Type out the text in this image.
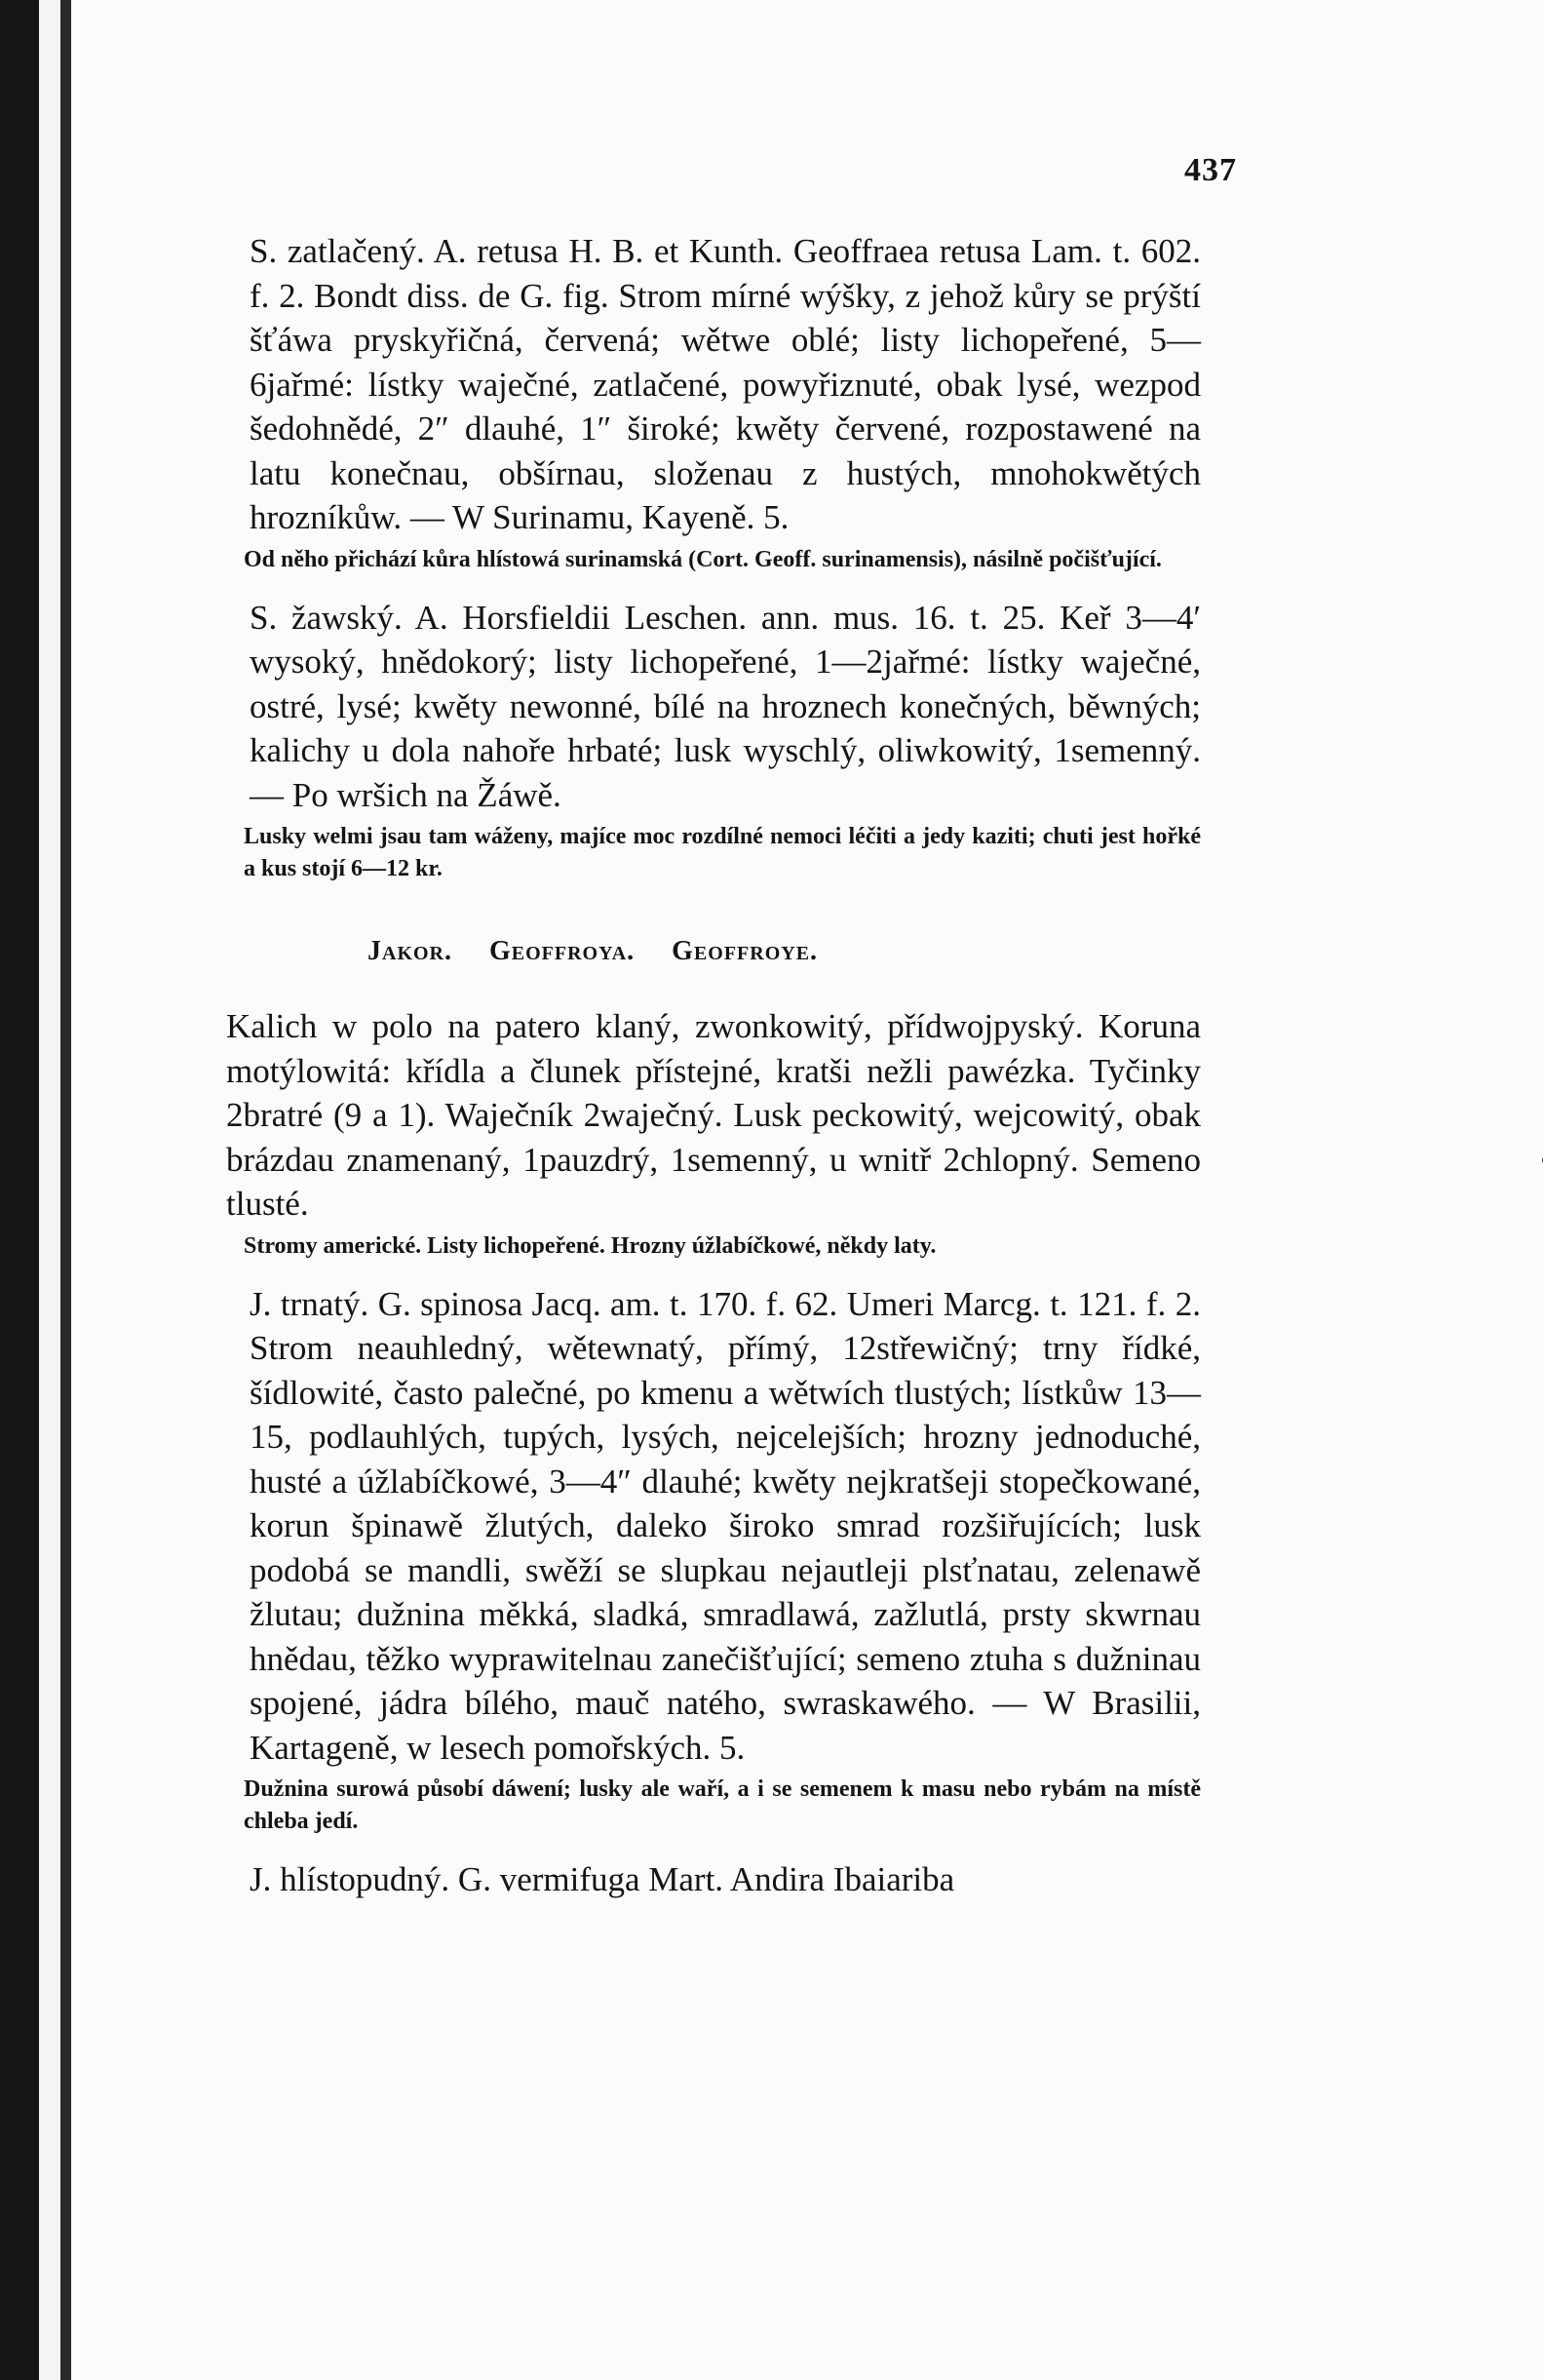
437

S. zatlačený. A. retusa H. B. et Kunth. Geoffraea retusa Lam. t. 602. f. 2. Bondt diss. de G. fig. Strom mírné wýšky, z jehož kůry se prýští šťáwa pryskyřičná, červená; wětwe oblé; listy lichopeřené, 5—6jařmé: lístky waječné, zatlačené, powyřiznuté, obak lysé, wezpod šedohnědé, 2″ dlauhé, 1″ široké; kwěty červené, rozpostawené na latu konečnau, obšírnau, složenau z hustých, mnohokwětých hrozníkůw. — W Surinamu, Kayeně. 5.

Od něho přichází kůra hlístowá surinamská (Cort. Geoff. surinamensis), násilně počišťující.

S. žawský. A. Horsfieldii Leschen. ann. mus. 16. t. 25. Keř 3—4′ wysoký, hnědokorý; listy lichopeřené, 1—2jařmé: lístky waječné, ostré, lysé; kwěty newonné, bílé na hroznech konečných, běwných; kalichy u dola nahoře hrbaté; lusk wyschlý, oliwkowitý, 1semenný. — Po wršich na Žáwě.

Lusky welmi jsau tam wáženy, majíce moc rozdílné nemoci léčiti a jedy kaziti; chuti jest hořké a kus stojí 6—12 kr.

Jakor. Geoffroya. Geoffroye.

Kalich w polo na patero klaný, zwonkowitý, přídwojpyský. Koruna motýlowitá: křídla a člunek přístejné, kratši nežli pawézka. Tyčinky 2bratré (9 a 1). Waječník 2waječný. Lusk peckowitý, wejcowitý, obak brázdau znamenaný, 1pauzdrý, 1semenný, u wnitř 2chlopný. Semeno tlusté.

Stromy americké. Listy lichopeřené. Hrozny úžlabíčkowé, někdy laty.

J. trnatý. G. spinosa Jacq. am. t. 170. f. 62. Umeri Marcg. t. 121. f. 2. Strom neauhledný, wětewnatý, přímý, 12střewičný; trny řídké, šídlowité, často palečné, po kmenu a wětwích tlustých; lístkůw 13—15, podlauhlých, tupých, lysých, nejcelejších; hrozny jednoduché, husté a úžlabíčkowé, 3—4″ dlauhé; kwěty nejkratšeji stopečkowané, korun špinawě žlutých, daleko široko smrad rozšiřujících; lusk podobá se mandli, swěží se slupkau nejautleji plsťnatau, zelenawě žlutau; dužnina měkká, sladká, smradlawá, zažlutlá, prsty skwrnau hnědau, těžko wyprawitelnau zanečišťující; semeno ztuha s dužninau spojené, jádra bílého, mauč natého, swraskawého. — W Brasilii, Kartageně, w lesech pomořských. 5.

Dužnina surowá působí dáwení; lusky ale waří, a i se semenem k masu nebo rybám na místě chleba jedí.

J. hlístopudný. G. vermifuga Mart. Andira Ibaiariba
